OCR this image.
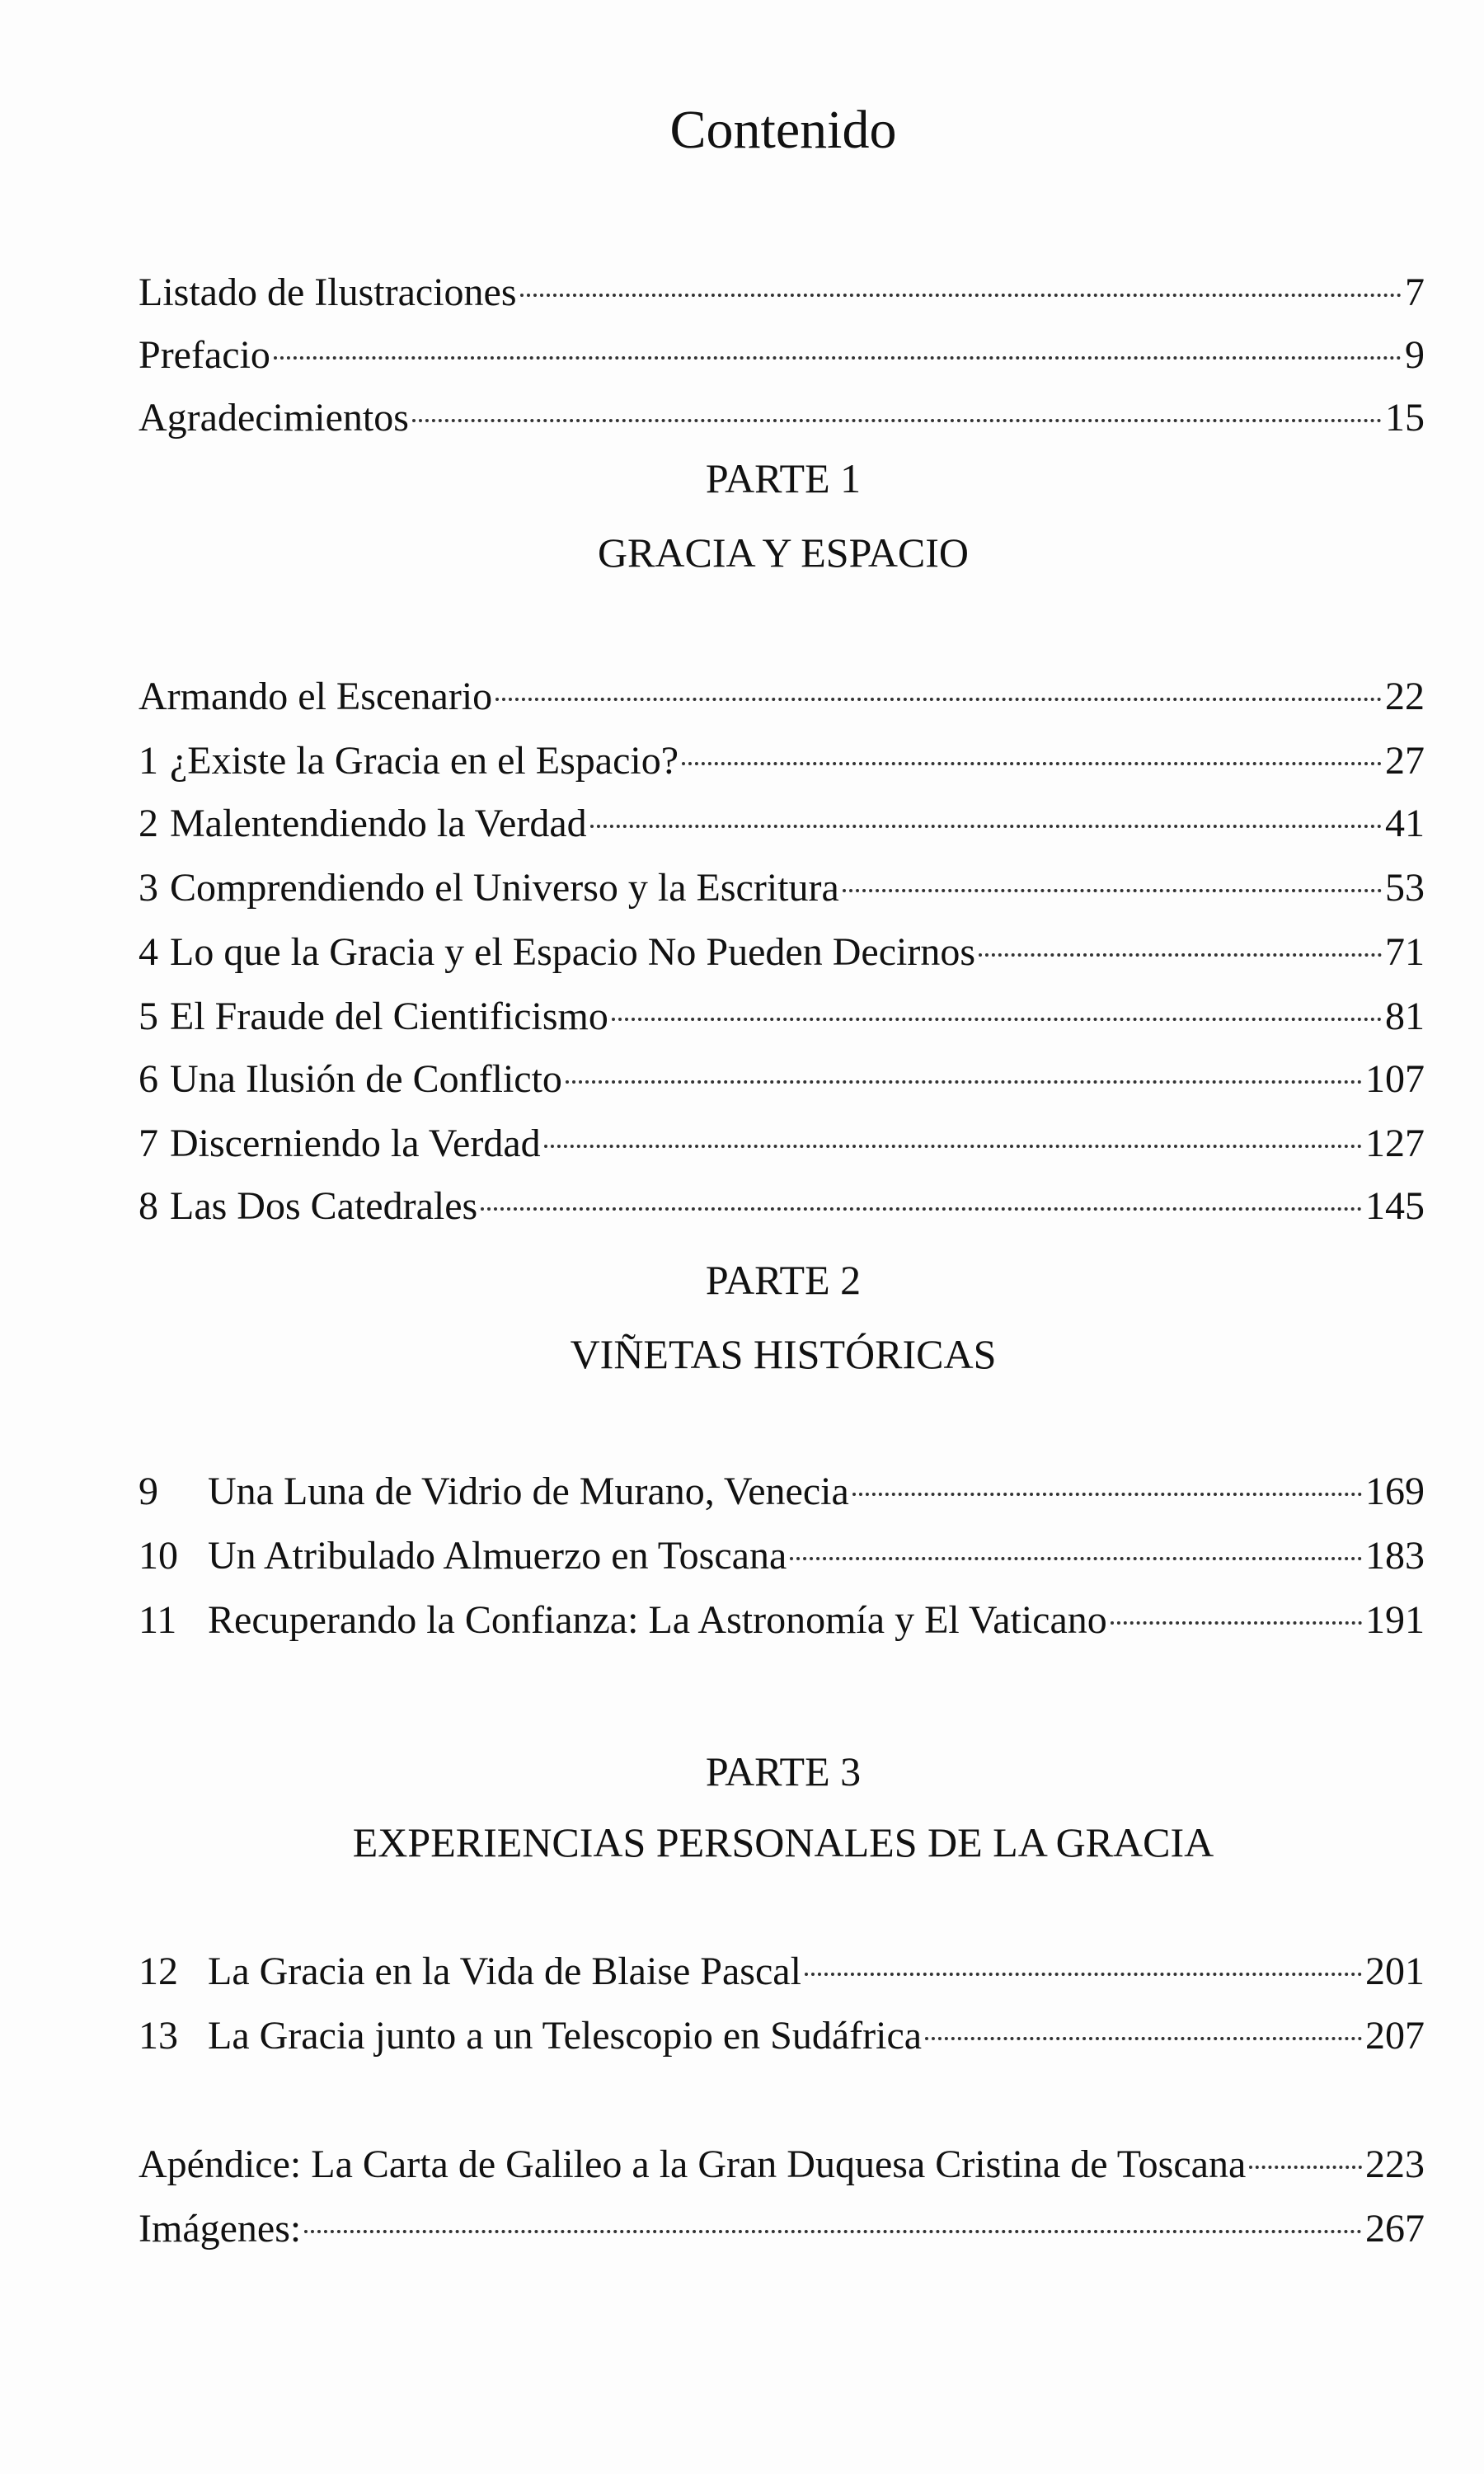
Contenido
Listado de Ilustraciones	7
Prefacio	9
Agradecimientos	15
PARTE 1
GRACIA Y ESPACIO
Armando el Escenario	22
1 ¿Existe la Gracia en el Espacio?	27
2 Malentendiendo la Verdad	41
3 Comprendiendo el Universo y la Escritura	53
4 Lo que la Gracia y el Espacio No Pueden Decirnos	71
5 El Fraude del Cientificismo	81
6 Una Ilusión de Conflicto	107
7 Discerniendo la Verdad	127
8 Las Dos Catedrales	145
PARTE 2
VIÑETAS HISTÓRICAS
9	Una Luna de Vidrio de Murano, Venecia	169
10 Un Atribulado Almuerzo en Toscana	183
11 Recuperando la Confianza: La Astronomía y El Vaticano	191
PARTE 3
EXPERIENCIAS PERSONALES DE LA GRACIA
12 La Gracia en la Vida de Blaise Pascal	201
13 La Gracia junto a un Telescopio en Sudáfrica	207
Apéndice: La Carta de Galileo a la Gran Duquesa Cristina de Toscana	223
Imágenes:	267
